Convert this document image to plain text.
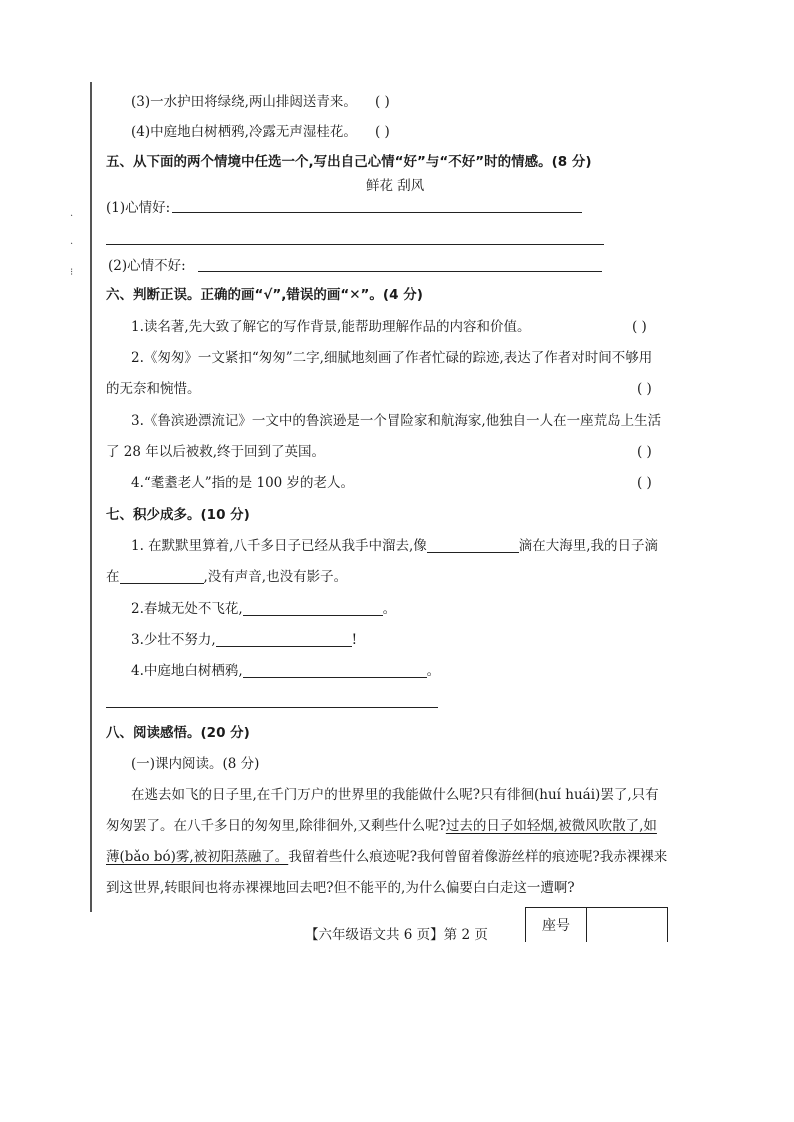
·
·
⁝
(3)一水护田将绿绕,两山排闼送青来。 ( )
(4)中庭地白树栖鸦,冷露无声湿桂花。 ( )
五、从下面的两个情境中任选一个,写出自己心情“好”与“不好”时的情感。(8 分)
鲜花 刮风
(1)心情好:
(2)心情不好:
六、判断正误。正确的画“√”,错误的画“✕”。(4 分)
1.读名著,先大致了解它的写作背景,能帮助理解作品的内容和价值。	( )
2.《匆匆》一文紧扣“匆匆”二字,细腻地刻画了作者忙碌的踪迹,表达了作者对时间不够用
的无奈和惋惜。	( )
3.《鲁滨逊漂流记》一文中的鲁滨逊是一个冒险家和航海家,他独自一人在一座荒岛上生活
了 28 年以后被救,终于回到了英国。	( )
4.“耄耋老人”指的是 100 岁的老人。	( )
七、积少成多。(10 分)
1. 在默默里算着,八千多日子已经从我手中溜去,像	滴在大海里,我的日子滴
在	,没有声音,也没有影子。
2.春城无处不飞花,	。
3.少壮不努力,	!
4.中庭地白树栖鸦,	。
八、阅读感悟。(20 分)
(一)课内阅读。(8 分)
在逃去如飞的日子里,在千门万户的世界里的我能做什么呢?只有徘徊(huí huái)罢了,只有
匆匆罢了。在八千多日的匆匆里,除徘徊外,又剩些什么呢?过去的日子如轻烟,被微风吹散了,如
薄(bǎo bó)雾,被初阳蒸融了。我留着些什么痕迹呢?我何曾留着像游丝样的痕迹呢?我赤裸裸来
到这世界,转眼间也将赤裸裸地回去吧?但不能平的,为什么偏要白白走这一遭啊?
【六年级语文共 6 页】第 2 页
座号
